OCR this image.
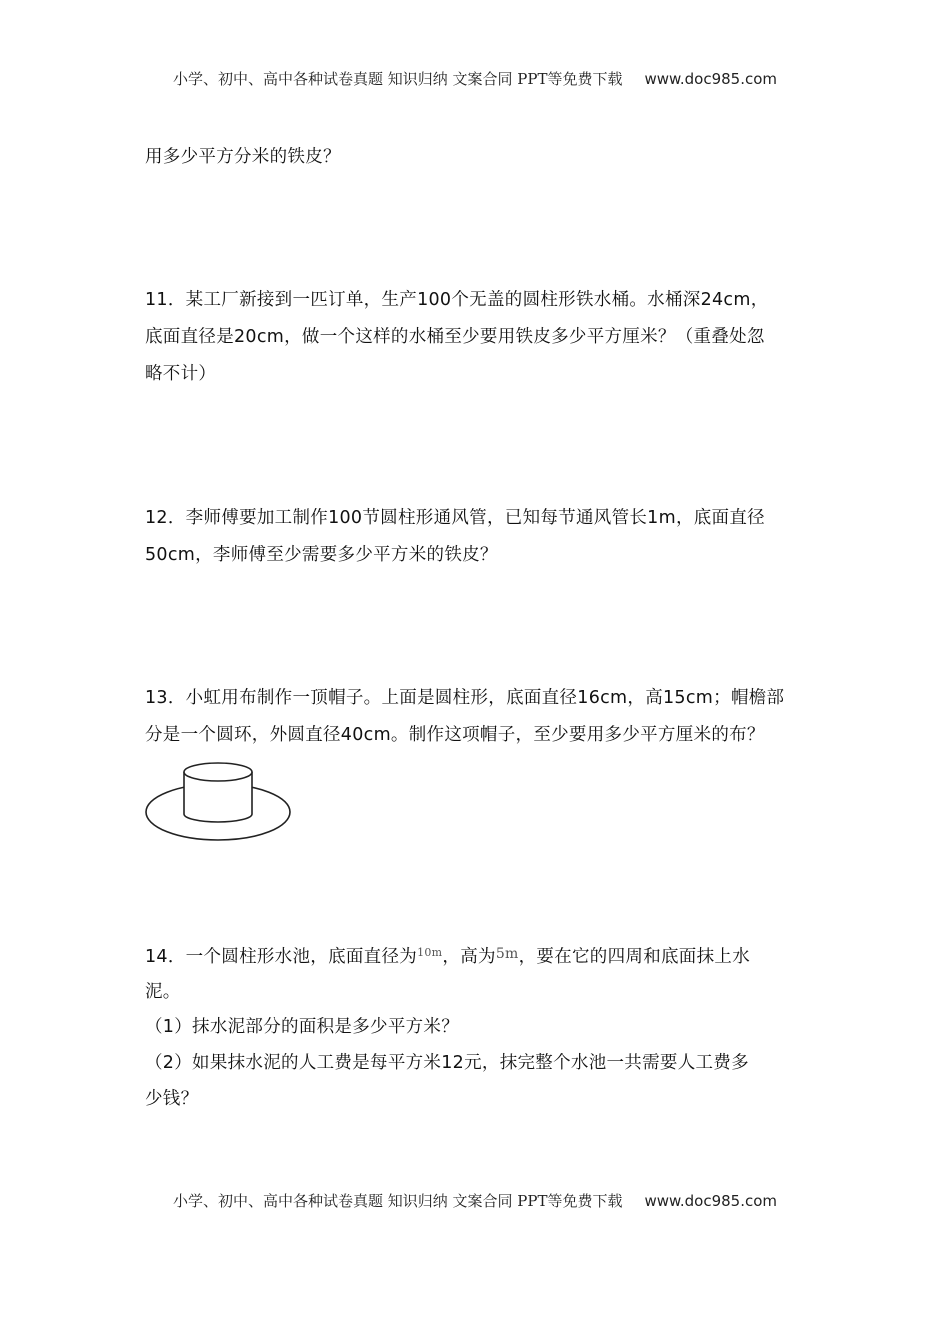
小学、初中、高中各种试卷真题 知识归纳 文案合同 PPT等免费下载 www.doc985.com
用多少平方分米的铁皮？
11．某工厂新接到一匹订单，生产100个无盖的圆柱形铁水桶。水桶深24cm，
底面直径是20cm，做一个这样的水桶至少要用铁皮多少平方厘米？（重叠处忽
略不计）
12．李师傅要加工制作100节圆柱形通风管，已知每节通风管长1m，底面直径
50cm，李师傅至少需要多少平方米的铁皮？
13．小虹用布制作一顶帽子。上面是圆柱形，底面直径16cm，高15cm；帽檐部
分是一个圆环，外圆直径40cm。制作这项帽子，至少要用多少平方厘米的布？
14．一个圆柱形水池，底面直径为$^{10m}$，高为$^{5m}$，要在它的四周和底面抹上水
泥。
（1）抹水泥部分的面积是多少平方米？
（2）如果抹水泥的人工费是每平方米12元，抹完整个水池一共需要人工费多
少钱？
小学、初中、高中各种试卷真题 知识归纳 文案合同 PPT等免费下载 www.doc985.com
